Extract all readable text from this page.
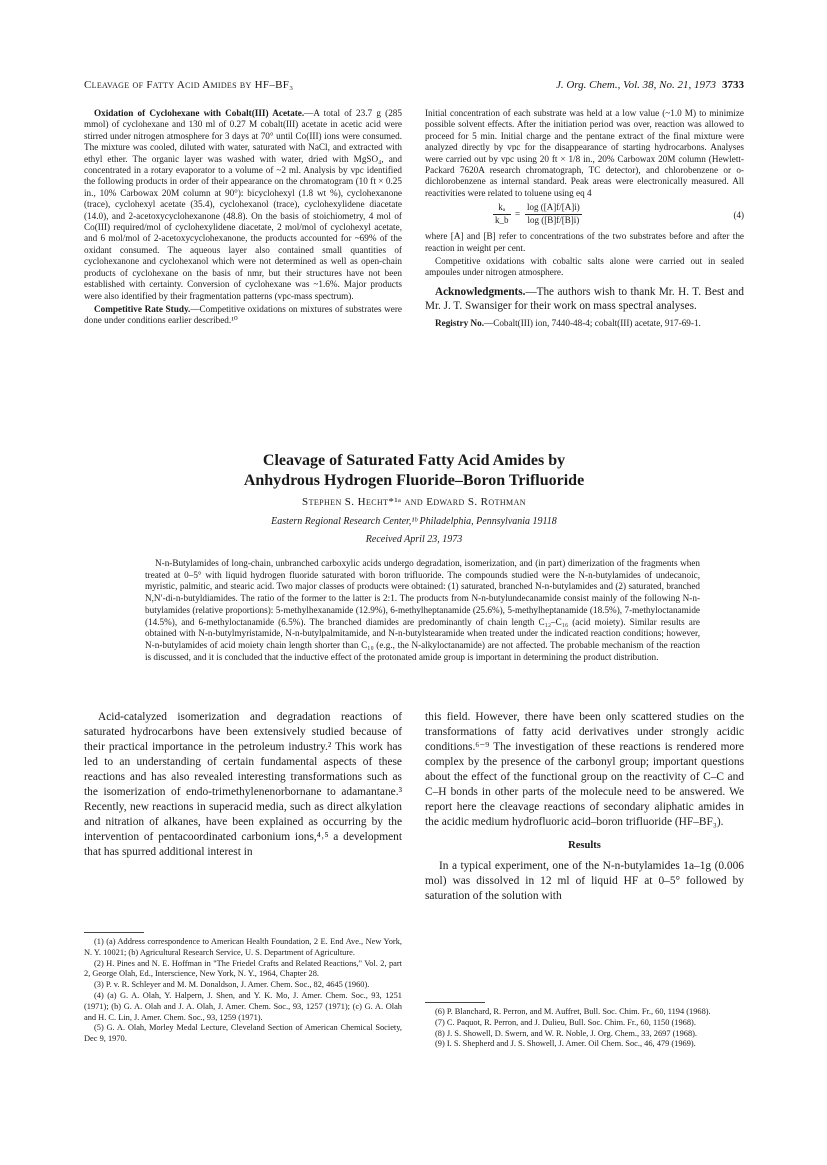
Cleavage of Fatty Acid Amides by HF–BF₃	J. Org. Chem., Vol. 38, No. 21, 1973 3733

Oxidation of Cyclohexane with Cobalt(III) Acetate.—A total of 23.7 g (285 mmol) of cyclohexane and 130 ml of 0.27 M cobalt(III) acetate in acetic acid were stirred under nitrogen atmosphere for 3 days at 70° until Co(III) ions were consumed. The mixture was cooled, diluted with water, saturated with NaCl, and extracted with ethyl ether. The organic layer was washed with water, dried with MgSO₄, and concentrated in a rotary evaporator to a volume of ~2 ml. Analysis by vpc identified the following products in order of their appearance on the chromatogram (10 ft × 0.25 in., 10% Carbowax 20M column at 90°): bicyclohexyl (1.8 wt %), cyclohexanone (trace), cyclohexyl acetate (35.4), cyclohexanol (trace), cyclohexylidene diacetate (14.0), and 2-acetoxycyclohexanone (48.8). On the basis of stoichiometry, 4 mol of Co(III) required/mol of cyclohexylidene diacetate, 2 mol/mol of cyclohexyl acetate, and 6 mol/mol of 2-acetoxycyclohexanone, the products accounted for ~69% of the oxidant consumed. The aqueous layer also contained small quantities of cyclohexanone and cyclohexanol which were not determined as well as open-chain products of cyclohexane on the basis of nmr, but their structures have not been established with certainty. Conversion of cyclohexane was ~1.6%. Major products were also identified by their fragmentation patterns (vpc-mass spectrum).

Competitive Rate Study.—Competitive oxidations on mixtures of substrates were done under conditions earlier described.¹⁰

Initial concentration of each substrate was held at a low value (~1.0 M) to minimize possible solvent effects. After the initiation period was over, reaction was allowed to proceed for 5 min. Initial charge and the pentane extract of the final mixture were analyzed directly by vpc for the disappearance of starting hydrocarbons. Analyses were carried out by vpc using 20 ft × 1/8 in., 20% Carbowax 20M column (Hewlett-Packard 7620A research chromatograph, TC detector), and chlorobenzene or o-dichlorobenzene as internal standard. Peak areas were electronically measured. All reactivities were related to toluene using eq 4

$\frac{\text{kₐ}}{k\_b} = \frac{\log ([A]f/[A]i)}{\log ([B]f/[B]i)}$	(4)

where [A] and [B] refer to concentrations of the two substrates before and after the reaction in weight per cent.

Competitive oxidations with cobaltic salts alone were carried out in sealed ampoules under nitrogen atmosphere.

Acknowledgments.—The authors wish to thank Mr. H. T. Best and Mr. J. T. Swansiger for their work on mass spectral analyses.

Registry No.—Cobalt(III) ion, 7440-48-4; cobalt(III) acetate, 917-69-1.

Cleavage of Saturated Fatty Acid Amides by
Anhydrous Hydrogen Fluoride–Boron Trifluoride
Stephen S. Hecht*¹ᵃ and Edward S. Rothman
Eastern Regional Research Center,¹ᵇ Philadelphia, Pennsylvania 19118
Received April 23, 1973
N-n-Butylamides of long-chain, unbranched carboxylic acids undergo degradation, isomerization, and (in part) dimerization of the fragments when treated at 0–5° with liquid hydrogen fluoride saturated with boron trifluoride. The compounds studied were the N-n-butylamides of undecanoic, myristic, palmitic, and stearic acid. Two major classes of products were obtained: (1) saturated, branched N-n-butylamides and (2) saturated, branched N,N′-di-n-butyldiamides. The ratio of the former to the latter is 2:1. The products from N-n-butylundecanamide consist mainly of the following N-n-butylamides (relative proportions): 5-methylhexanamide (12.9%), 6-methylheptanamide (25.6%), 5-methylheptanamide (18.5%), 7-methyloctanamide (14.5%), and 6-methyloctanamide (6.5%). The branched diamides are predominantly of chain length C₁₂–C₁₆ (acid moiety). Similar results are obtained with N-n-butylmyristamide, N-n-butylpalmitamide, and N-n-butylstearamide when treated under the indicated reaction conditions; however, N-n-butylamides of acid moiety chain length shorter than C₁₀ (e.g., the N-alkyloctanamide) are not affected. The probable mechanism of the reaction is discussed, and it is concluded that the inductive effect of the protonated amide group is important in determining the product distribution.

Acid-catalyzed isomerization and degradation reactions of saturated hydrocarbons have been extensively studied because of their practical importance in the petroleum industry.² This work has led to an understanding of certain fundamental aspects of these reactions and has also revealed interesting transformations such as the isomerization of endo-trimethylenenorbornane to adamantane.³ Recently, new reactions in superacid media, such as direct alkylation and nitration of alkanes, have been explained as occurring by the intervention of pentacoordinated carbonium ions,⁴˒⁵ a development that has spurred additional interest in

this field. However, there have been only scattered studies on the transformations of fatty acid derivatives under strongly acidic conditions.⁶⁻⁹ The investigation of these reactions is rendered more complex by the presence of the carbonyl group; important questions about the effect of the functional group on the reactivity of C–C and C–H bonds in other parts of the molecule need to be answered. We report here the cleavage reactions of secondary aliphatic amides in the acidic medium hydrofluoric acid–boron trifluoride (HF–BF₃).

Results

In a typical experiment, one of the N-n-butylamides 1a–1g (0.006 mol) was dissolved in 12 ml of liquid HF at 0–5° followed by saturation of the solution with

(1) (a) Address correspondence to American Health Foundation, 2 E. End Ave., New York, N. Y. 10021; (b) Agricultural Research Service, U. S. Department of Agriculture.
(2) H. Pines and N. E. Hoffman in "The Friedel Crafts and Related Reactions," Vol. 2, part 2, George Olah, Ed., Interscience, New York, N. Y., 1964, Chapter 28.
(3) P. v. R. Schleyer and M. M. Donaldson, J. Amer. Chem. Soc., 82, 4645 (1960).
(4) (a) G. A. Olah, Y. Halpern, J. Shen, and Y. K. Mo, J. Amer. Chem. Soc., 93, 1251 (1971); (b) G. A. Olah and J. A. Olah, J. Amer. Chem. Soc., 93, 1257 (1971); (c) G. A. Olah and H. C. Lin, J. Amer. Chem. Soc., 93, 1259 (1971).
(5) G. A. Olah, Morley Medal Lecture, Cleveland Section of American Chemical Society, Dec 9, 1970.
(6) P. Blanchard, R. Perron, and M. Auffret, Bull. Soc. Chim. Fr., 60, 1194 (1968).
(7) C. Paquot, R. Perron, and J. Dulieu, Bull. Soc. Chim. Fr., 60, 1150 (1968).
(8) J. S. Showell, D. Swern, and W. R. Noble, J. Org. Chem., 33, 2697 (1968).
(9) I. S. Shepherd and J. S. Showell, J. Amer. Oil Chem. Soc., 46, 479 (1969).
